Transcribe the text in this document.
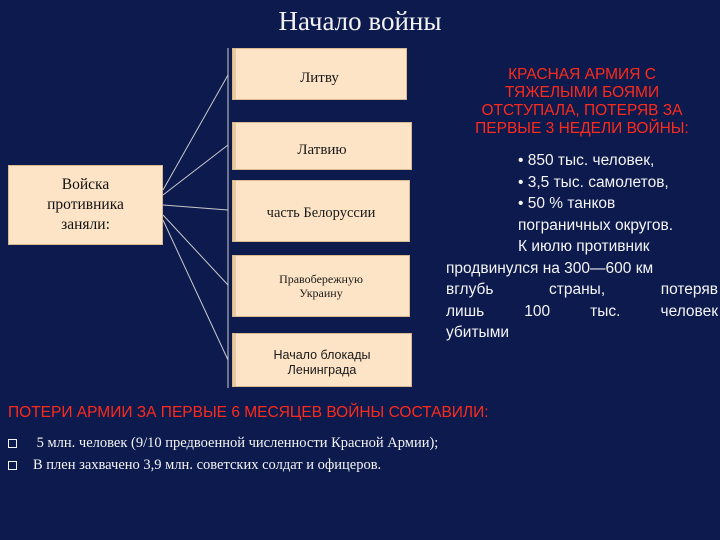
Начало войны
Войска
противника
заняли:
Литву
Латвию
часть Белоруссии
Правобережную Украину
Начало блокады Ленинграда
КРАСНАЯ АРМИЯ С
ТЯЖЕЛЫМИ БОЯМИ
ОТСТУПАЛА, ПОТЕРЯВ ЗА
ПЕРВЫЕ 3 НЕДЕЛИ ВОЙНЫ:
• 850 тыс. человек,
• 3,5 тыс. самолетов,
• 50 % танков
пограничных округов.
К июлю противник
продвинулся на 300—600 км
вглубь страны, потеряв
лишь 100 тыс. человек
убитыми
ПОТЕРИ АРМИИ ЗА ПЕРВЫЕ 6 МЕСЯЦЕВ ВОЙНЫ СОСТАВИЛИ:
5 млн. человек (9/10 предвоенной численности Красной Армии);
В плен захвачено 3,9 млн. советских солдат и офицеров.
